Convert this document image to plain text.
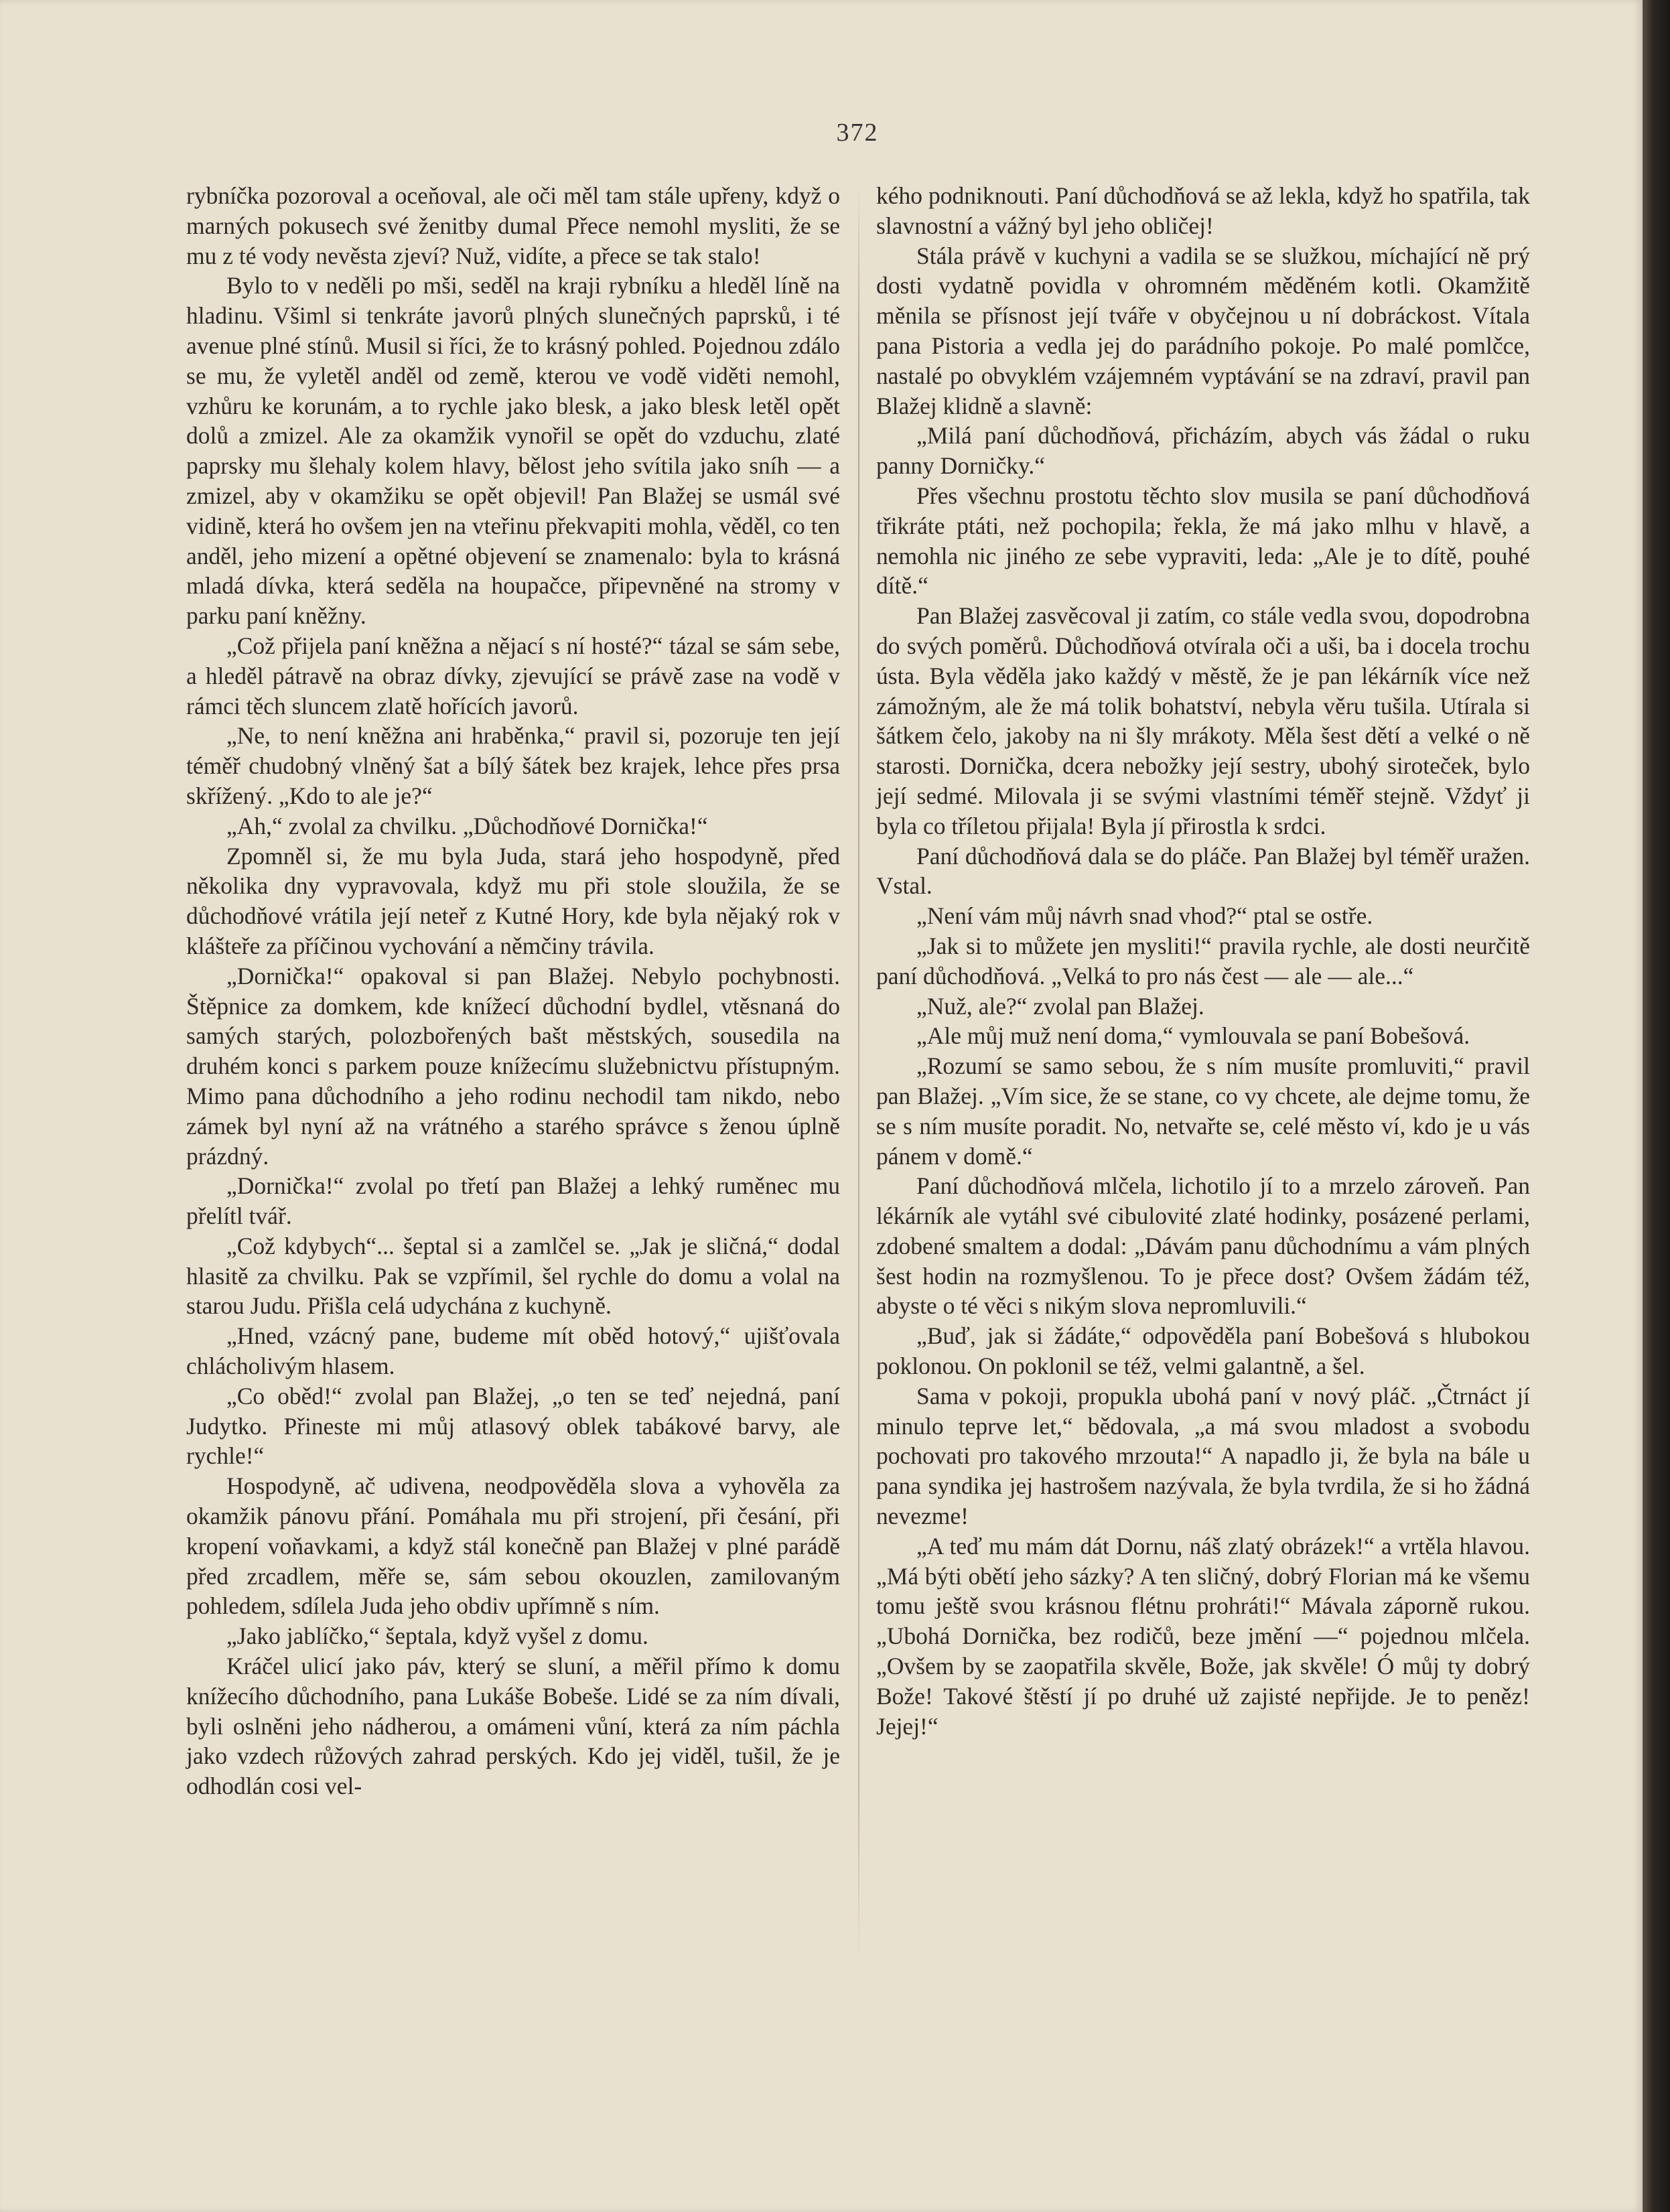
372

rybníčka pozoroval a oceňoval, ale oči měl tam stále upřeny, když o marných pokusech své ženitby dumal Přece nemohl mysliti, že se mu z té vody nevěsta zjeví? Nuž, vidíte, a přece se tak stalo!

Bylo to v neděli po mši, seděl na kraji rybníku a hleděl líně na hladinu. Všiml si tenkráte javorů plných slunečných paprsků, i té avenue plné stínů. Musil si říci, že to krásný pohled. Pojednou zdálo se mu, že vyletěl anděl od země, kterou ve vodě viděti nemohl, vzhůru ke korunám, a to rychle jako blesk, a jako blesk letěl opět dolů a zmizel. Ale za okamžik vynořil se opět do vzduchu, zlaté paprsky mu šlehaly kolem hlavy, bělost jeho svítila jako sníh — a zmizel, aby v okamžiku se opět objevil! Pan Blažej se usmál své vidině, která ho ovšem jen na vteřinu překvapiti mohla, věděl, co ten anděl, jeho mizení a opětné objevení se znamenalo: byla to krásná mladá dívka, která seděla na houpačce, připevněné na stromy v parku paní kněžny.

„Což přijela paní kněžna a nějací s ní hosté?“ tázal se sám sebe, a hleděl pátravě na obraz dívky, zjevující se právě zase na vodě v rámci těch sluncem zlatě hořících javorů.

„Ne, to není kněžna ani hraběnka,“ pravil si, pozoruje ten její téměř chudobný vlněný šat a bílý šátek bez krajek, lehce přes prsa skřížený. „Kdo to ale je?“

„Ah,“ zvolal za chvilku. „Důchodňové Dornička!“

Zpomněl si, že mu byla Juda, stará jeho hospodyně, před několika dny vypravovala, když mu při stole sloužila, že se důchodňové vrátila její neteř z Kutné Hory, kde byla nějaký rok v klášteře za příčinou vychování a němčiny trávila.

„Dornička!“ opakoval si pan Blažej. Nebylo pochybnosti. Štěpnice za domkem, kde knížecí důchodní bydlel, vtěsnaná do samých starých, polozbořených bašt městských, sousedila na druhém konci s parkem pouze knížecímu služebnictvu přístupným. Mimo pana důchodního a jeho rodinu nechodil tam nikdo, nebo zámek byl nyní až na vrátného a starého správce s ženou úplně prázdný.

„Dornička!“ zvolal po třetí pan Blažej a lehký ruměnec mu přelítl tvář.

„Což kdybych“... šeptal si a zamlčel se. „Jak je sličná,“ dodal hlasitě za chvilku. Pak se vzpřímil, šel rychle do domu a volal na starou Judu. Přišla celá udychána z kuchyně.

„Hned, vzácný pane, budeme mít oběd hotový,“ ujišťovala chlácholivým hlasem.

„Co oběd!“ zvolal pan Blažej, „o ten se teď nejedná, paní Judytko. Přineste mi můj atlasový oblek tabákové barvy, ale rychle!“

Hospodyně, ač udivena, neodpověděla slova a vyhověla za okamžik pánovu přání. Pomáhala mu při strojení, při česání, při kropení voňavkami, a když stál konečně pan Blažej v plné parádě před zrcadlem, měře se, sám sebou okouzlen, zamilovaným pohledem, sdílela Juda jeho obdiv upřímně s ním.

„Jako jablíčko,“ šeptala, když vyšel z domu.

Kráčel ulicí jako páv, který se sluní, a měřil přímo k domu knížecího důchodního, pana Lukáše Bobeše. Lidé se za ním dívali, byli oslněni jeho nádherou, a omámeni vůní, která za ním páchla jako vzdech růžových zahrad perských. Kdo jej viděl, tušil, že je odhodlán cosi vel-

kého podniknouti. Paní důchodňová se až lekla, když ho spatřila, tak slavnostní a vážný byl jeho obličej!

Stála právě v kuchyni a vadila se se služkou, míchající ně prý dosti vydatně povidla v ohromném měděném kotli. Okamžitě měnila se přísnost její tváře v obyčejnou u ní dobráckost. Vítala pana Pistoria a vedla jej do parádního pokoje. Po malé pomlčce, nastalé po obvyklém vzájemném vyptávání se na zdraví, pravil pan Blažej klidně a slavně:

„Milá paní důchodňová, přicházím, abych vás žádal o ruku panny Dorničky.“

Přes všechnu prostotu těchto slov musila se paní důchodňová třikráte ptáti, než pochopila; řekla, že má jako mlhu v hlavě, a nemohla nic jiného ze sebe vypraviti, leda: „Ale je to dítě, pouhé dítě.“

Pan Blažej zasvěcoval ji zatím, co stále vedla svou, dopodrobna do svých poměrů. Důchodňová otvírala oči a uši, ba i docela trochu ústa. Byla věděla jako každý v městě, že je pan lékárník více než zámožným, ale že má tolik bohatství, nebyla věru tušila. Utírala si šátkem čelo, jakoby na ni šly mrákoty. Měla šest dětí a velké o ně starosti. Dornička, dcera nebožky její sestry, ubohý siroteček, bylo její sedmé. Milovala ji se svými vlastními téměř stejně. Vždyť ji byla co tříletou přijala! Byla jí přirostla k srdci.

Paní důchodňová dala se do pláče. Pan Blažej byl téměř uražen. Vstal.

„Není vám můj návrh snad vhod?“ ptal se ostře.

„Jak si to můžete jen mysliti!“ pravila rychle, ale dosti neurčitě paní důchodňová. „Velká to pro nás čest — ale — ale...“

„Nuž, ale?“ zvolal pan Blažej.

„Ale můj muž není doma,“ vymlouvala se paní Bobešová.

„Rozumí se samo sebou, že s ním musíte promluviti,“ pravil pan Blažej. „Vím sice, že se stane, co vy chcete, ale dejme tomu, že se s ním musíte poradit. No, netvařte se, celé město ví, kdo je u vás pánem v domě.“

Paní důchodňová mlčela, lichotilo jí to a mrzelo zároveň. Pan lékárník ale vytáhl své cibulovité zlaté hodinky, posázené perlami, zdobené smaltem a dodal: „Dávám panu důchodnímu a vám plných šest hodin na rozmyšlenou. To je přece dost? Ovšem žádám též, abyste o té věci s nikým slova nepromluvili.“

„Buď, jak si žádáte,“ odpověděla paní Bobešová s hlubokou poklonou. On poklonil se též, velmi galantně, a šel.

Sama v pokoji, propukla ubohá paní v nový pláč. „Čtrnáct jí minulo teprve let,“ bědovala, „a má svou mladost a svobodu pochovati pro takového mrzouta!“ A napadlo ji, že byla na bále u pana syndika jej hastrošem nazývala, že byla tvrdila, že si ho žádná nevezme!

„A teď mu mám dát Dornu, náš zlatý obrázek!“ a vrtěla hlavou. „Má býti obětí jeho sázky? A ten sličný, dobrý Florian má ke všemu tomu ještě svou krásnou flétnu prohráti!“ Mávala záporně rukou. „Ubohá Dornička, bez rodičů, beze jmění —“ pojednou mlčela. „Ovšem by se zaopatřila skvěle, Bože, jak skvěle! Ó můj ty dobrý Bože! Takové štěstí jí po druhé už zajisté nepřijde. Je to peněz! Jejej!“
